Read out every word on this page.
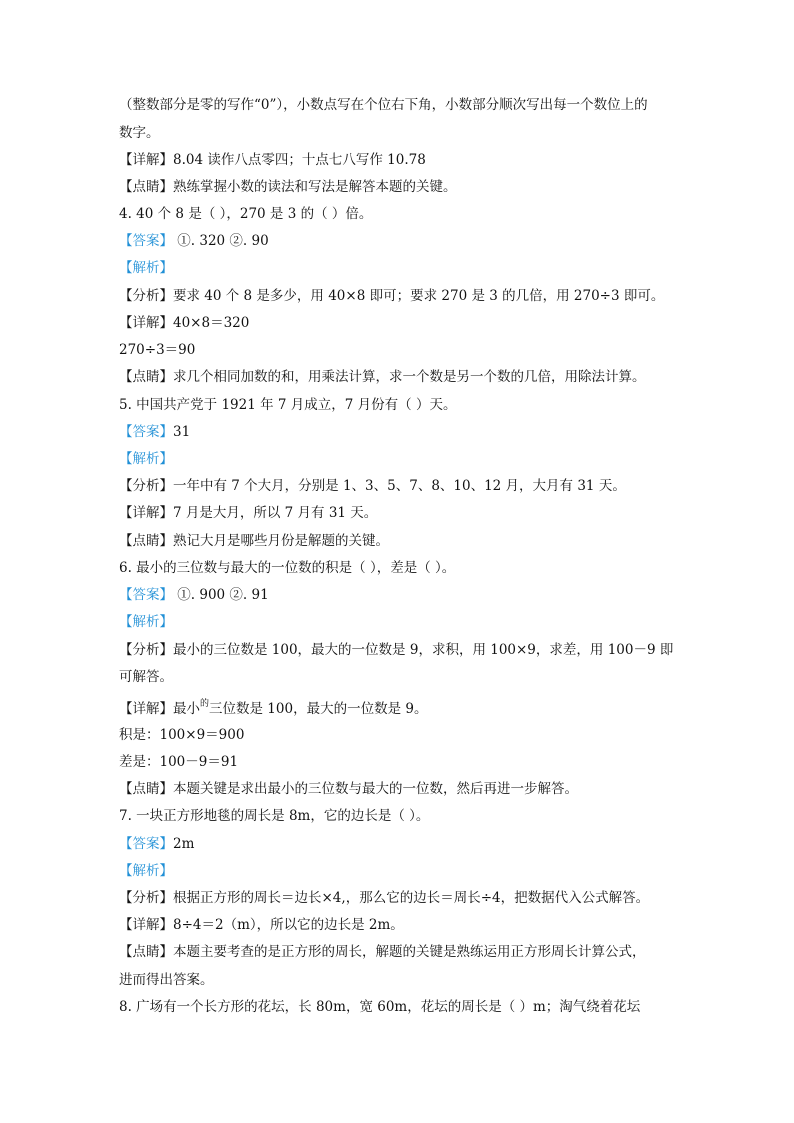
（整数部分是零的写作“0”），小数点写在个位右下角，小数部分顺次写出每一个数位上的
数字。
【详解】8.04 读作八点零四；十点七八写作 10.78
【点睛】熟练掌握小数的读法和写法是解答本题的关键。
4. 40 个 8 是（ ），270 是 3 的（ ）倍。
【答案】 ①. 320 ②. 90
【解析】
【分析】要求 40 个 8 是多少，用 40×8 即可；要求 270 是 3 的几倍，用 270÷3 即可。
【详解】40×8＝320
270÷3＝90
【点睛】求几个相同加数的和，用乘法计算，求一个数是另一个数的几倍，用除法计算。
5. 中国共产党于 1921 年 7 月成立，7 月份有（ ）天。
【答案】31
【解析】
【分析】一年中有 7 个大月，分别是 1、3、5、7、8、10、12 月，大月有 31 天。
【详解】7 月是大月，所以 7 月有 31 天。
【点睛】熟记大月是哪些月份是解题的关键。
6. 最小的三位数与最大的一位数的积是（ ），差是（ ）。
【答案】 ①. 900 ②. 91
【解析】
【分析】最小的三位数是 100，最大的一位数是 9，求积，用 100×9，求差，用 100－9 即
可解答。
【详解】最小$^的$三位数是 100，最大的一位数是 9。
积是：100×9＝900
差是：100－9＝91
【点睛】本题关键是求出最小的三位数与最大的一位数，然后再进一步解答。
7. 一块正方形地毯的周长是 8m，它的边长是（ ）。
【答案】2m
【解析】
【分析】根据正方形的周长＝边长×4,，那么它的边长＝周长÷4，把数据代入公式解答。
【详解】8÷4＝2（m），所以它的边长是 2m。
【点睛】本题主要考查的是正方形的周长，解题的关键是熟练运用正方形周长计算公式，
进而得出答案。
8. 广场有一个长方形的花坛，长 80m，宽 60m，花坛的周长是（ ）m；淘气绕着花坛
